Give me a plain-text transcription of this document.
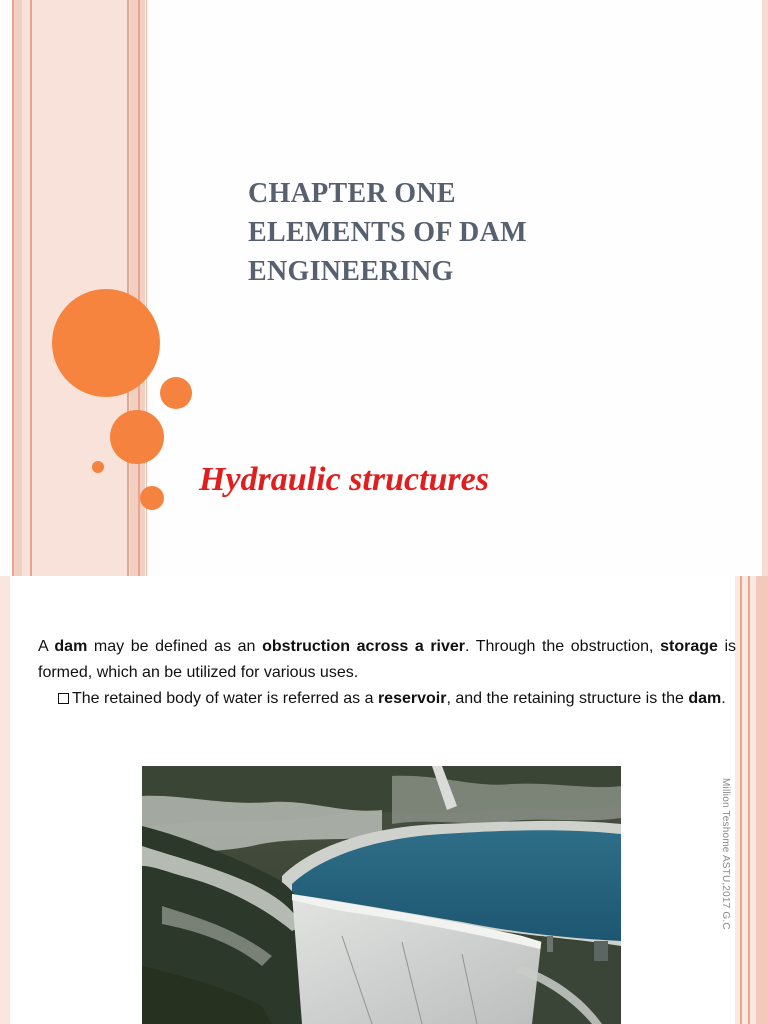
CHAPTER ONE
ELEMENTS OF DAM
ENGINEERING
Hydraulic structures

A dam may be defined as an obstruction across a river. Through the obstruction, storage is formed, which an be utilized for various uses.

The retained body of water is referred as a reservoir, and the retaining structure is the dam.

Million Teshome ASTU,2017 G.C
